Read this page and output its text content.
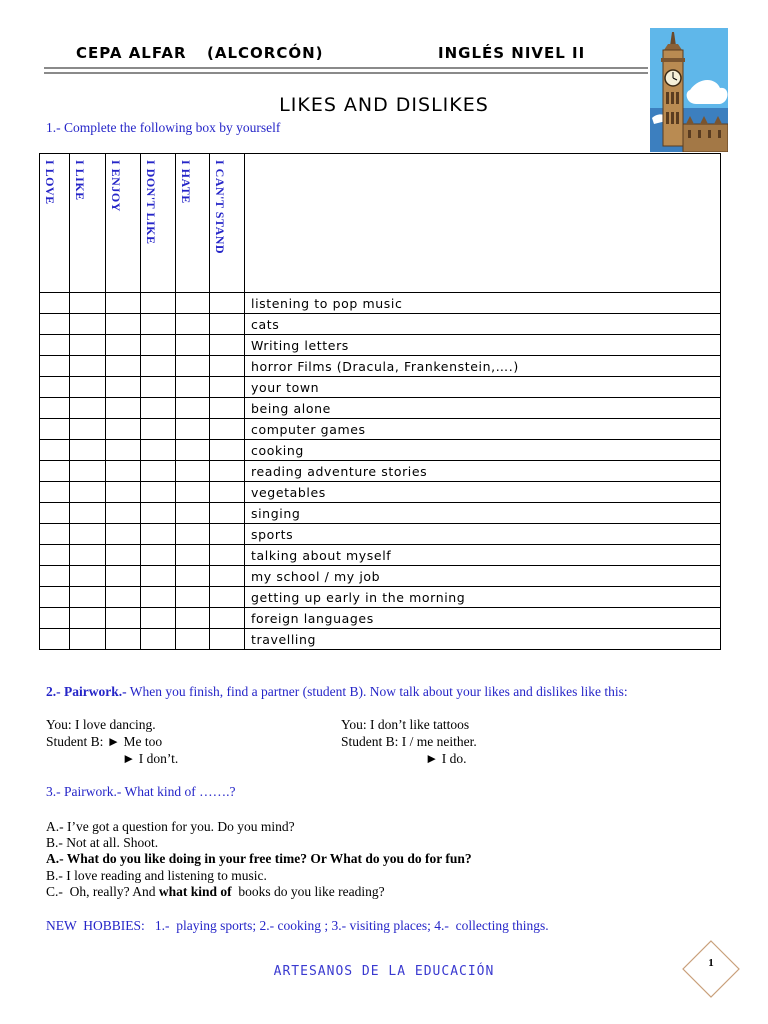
CEPA ALFAR (ALCORCÓN)	INGLÉS NIVEL II
LIKES AND DISLIKES
1.- Complete the following box by yourself
I LOVE	I LIKE	I ENJOY	I DON'T LIKE	I HATE	I CAN'T STAND	

						listening to pop music
						cats
						Writing letters
						horror Films (Dracula, Frankenstein,….)
						your town
						being alone
						computer games
						cooking
						reading adventure stories
						vegetables
						singing
						sports
						talking about myself
						my school / my job
						getting up early in the morning
						foreign languages
						travelling
2.- Pairwork.- When you finish, find a partner (student B). Now talk about your likes and dislikes like this:
You: I love dancing.
Student B: ► Me too
► I don’t.
You: I don’t like tattoos
Student B: I / me neither.
► I do.
3.- Pairwork.- What kind of …….?
A.- I’ve got a question for you. Do you mind?
B.- Not at all. Shoot.
A.- What do you like doing in your free time? Or What do you do for fun?
B.- I love reading and listening to music.
C.-  Oh, really? And what kind of  books do you like reading?
NEW  HOBBIES:   1.-  playing sports; 2.- cooking ; 3.- visiting places; 4.-  collecting things.
ARTESANOS DE LA EDUCACIÓN
1
